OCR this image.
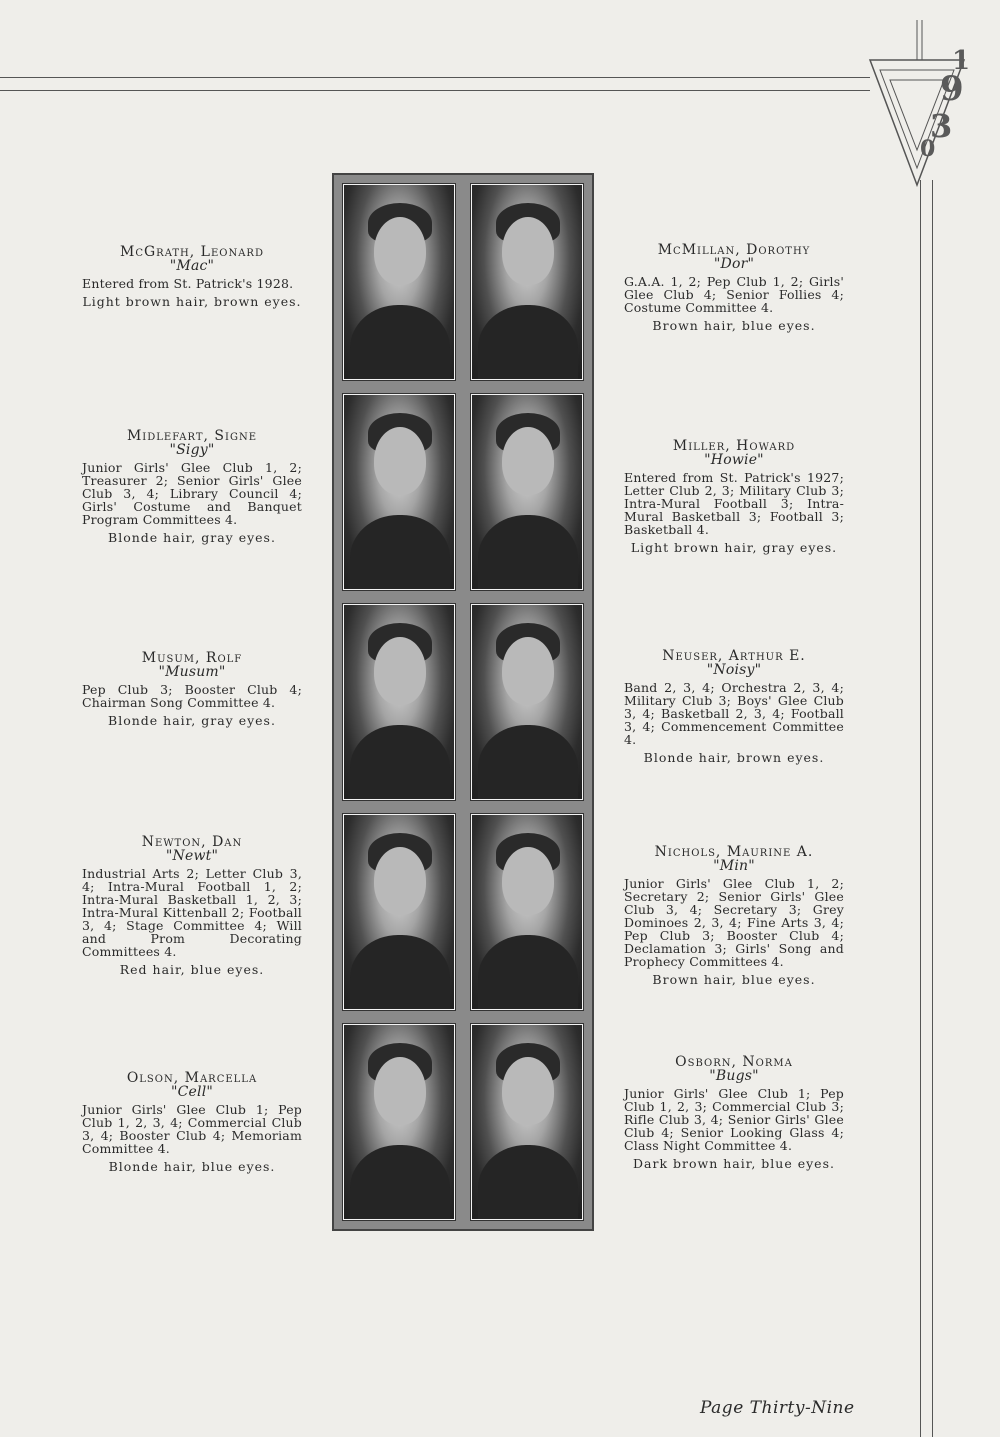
1
9
3
0
McGrath, Leonard
"Mac"
Entered from St. Patrick's 1928.
Light brown hair, brown eyes.
Midlefart, Signe
"Sigy"
Junior Girls' Glee Club 1, 2; Treasurer 2; Senior Girls' Glee Club 3, 4; Library Council 4; Girls' Costume and Banquet Program Committees 4.
Blonde hair, gray eyes.
Musum, Rolf
"Musum"
Pep Club 3; Booster Club 4; Chairman Song Committee 4.
Blonde hair, gray eyes.
Newton, Dan
"Newt"
Industrial Arts 2; Letter Club 3, 4; Intra-Mural Football 1, 2; Intra-Mural Basketball 1, 2, 3; Intra-Mural Kittenball 2; Football 3, 4; Stage Committee 4; Will and Prom Decorating Committees 4.
Red hair, blue eyes.
Olson, Marcella
"Cell"
Junior Girls' Glee Club 1; Pep Club 1, 2, 3, 4; Commercial Club 3, 4; Booster Club 4; Memoriam Committee 4.
Blonde hair, blue eyes.
McMillan, Dorothy
"Dor"
G.A.A. 1, 2; Pep Club 1, 2; Girls' Glee Club 4; Senior Follies 4; Costume Committee 4.
Brown hair, blue eyes.
Miller, Howard
"Howie"
Entered from St. Patrick's 1927; Letter Club 2, 3; Military Club 3; Intra-Mural Football 3; Intra-Mural Basketball 3; Football 3; Basketball 4.
Light brown hair, gray eyes.
Neuser, Arthur E.
"Noisy"
Band 2, 3, 4; Orchestra 2, 3, 4; Military Club 3; Boys' Glee Club 3, 4; Basketball 2, 3, 4; Football 3, 4; Commencement Committee 4.
Blonde hair, brown eyes.
Nichols, Maurine A.
"Min"
Junior Girls' Glee Club 1, 2; Secretary 2; Senior Girls' Glee Club 3, 4; Secretary 3; Grey Dominoes 2, 3, 4; Fine Arts 3, 4; Pep Club 3; Booster Club 4; Declamation 3; Girls' Song and Prophecy Committees 4.
Brown hair, blue eyes.
Osborn, Norma
"Bugs"
Junior Girls' Glee Club 1; Pep Club 1, 2, 3; Commercial Club 3; Rifle Club 3, 4; Senior Girls' Glee Club 4; Senior Looking Glass 4; Class Night Committee 4.
Dark brown hair, blue eyes.
Page Thirty-Nine
